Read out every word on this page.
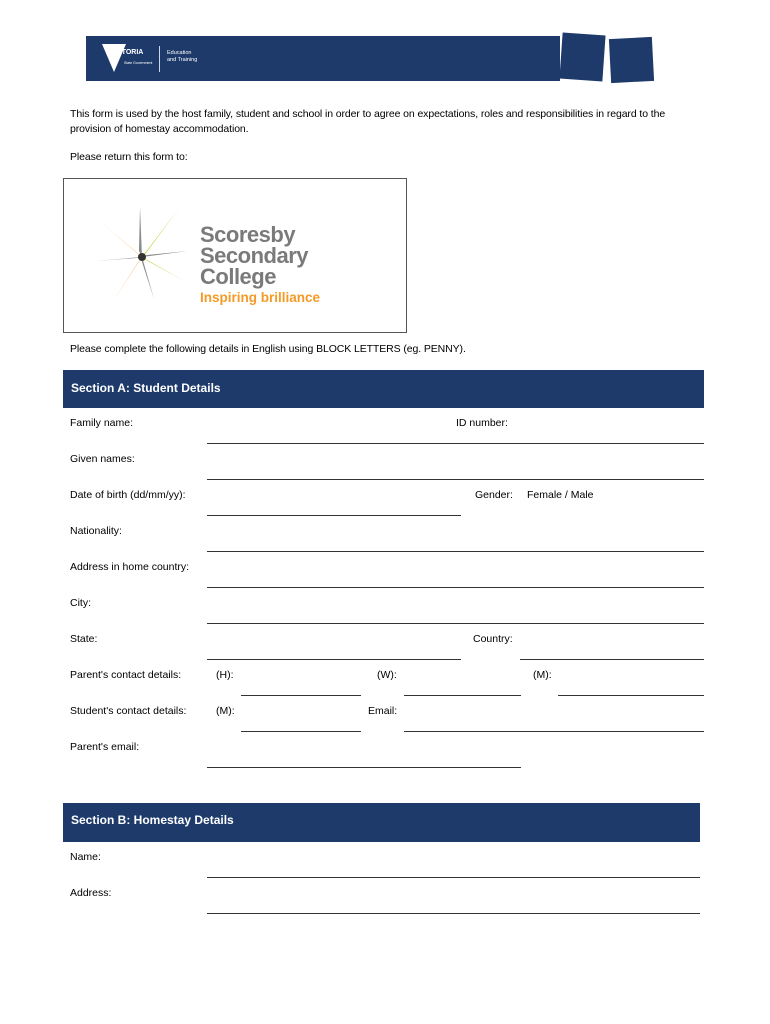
VICTORIA
State Government
Education
and Training
This form is used by the host family, student and school in order to agree on expectations, roles and responsibilities in regard to the
provision of homestay accommodation.
Please return this form to:
Scoresby
Secondary
College
Inspiring brilliance
Please complete the following details in English using BLOCK LETTERS (eg. PENNY).
Section A: Student Details
Family name:	ID number:
Given names:
Date of birth (dd/mm/yy):	Gender: Female / Male
Nationality:
Address in home country:
City:
State:	Country:
Parent's contact details:	(H):	(W):	(M):
Student's contact details:	(M):	Email:
Parent's email:
Section B: Homestay Details
Name:
Address:
